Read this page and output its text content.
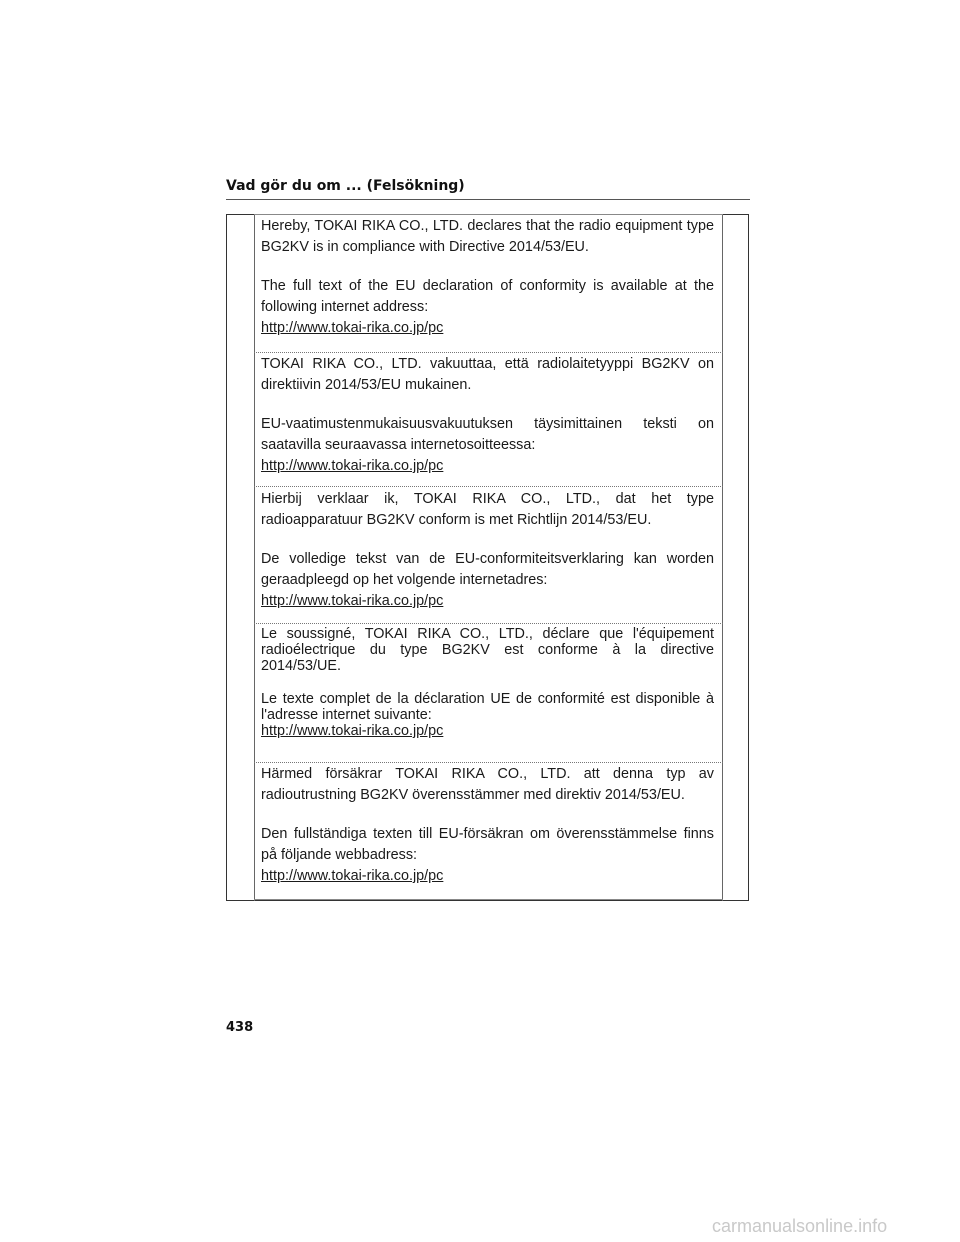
Vad gör du om ... (Felsökning)

Hereby, TOKAI RIKA CO., LTD. declares that the radio equipment type BG2KV is in compliance with Directive 2014/53/EU.

The full text of the EU declaration of conformity is available at the following internet address:

http://www.tokai-rika.co.jp/pc

TOKAI RIKA CO., LTD. vakuuttaa, että radiolaitetyyppi BG2KV on direktiivin 2014/53/EU mukainen.

EU-vaatimustenmukaisuusvakuutuksen täysimittainen teksti on saatavilla seuraavassa internetosoitteessa:

http://www.tokai-rika.co.jp/pc

Hierbij verklaar ik, TOKAI RIKA CO., LTD., dat het type radioapparatuur BG2KV conform is met Richtlijn 2014/53/EU.

De volledige tekst van de EU-conformiteitsverklaring kan worden geraadpleegd op het volgende internetadres:

http://www.tokai-rika.co.jp/pc

Le soussigné, TOKAI RIKA CO., LTD., déclare que l'équipement radioélectrique du type BG2KV est conforme à la directive 2014/53/UE.

Le texte complet de la déclaration UE de conformité est disponible à l'adresse internet suivante:

http://www.tokai-rika.co.jp/pc

Härmed försäkrar TOKAI RIKA CO., LTD. att denna typ av radioutrustning BG2KV överensstämmer med direktiv 2014/53/EU.

Den fullständiga texten till EU-försäkran om överensstämmelse finns på följande webbadress:

http://www.tokai-rika.co.jp/pc
438
carmanualsonline.info
